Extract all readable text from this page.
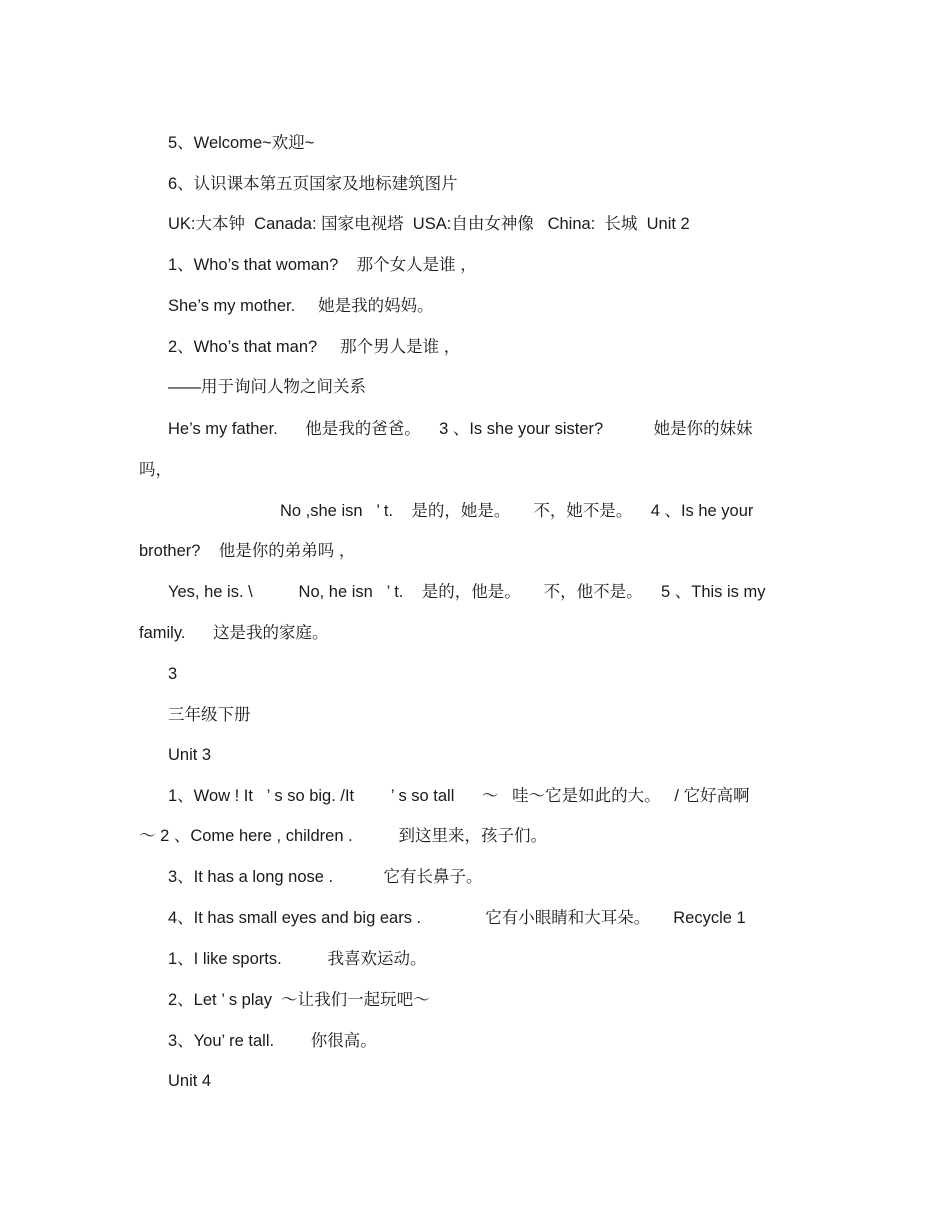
5、Welcome~欢迎~
6、认识课本第五页国家及地标建筑图片
UK:大本钟  Canada: 国家电视塔  USA:自由女神像   China:  长城  Unit 2
1、Who’s that woman?    那个女人是谁 ，
She’s my mother.     她是我的妈妈。
2、Who’s that man?     那个男人是谁 ，
——用于询问人物之间关系
He’s my father.      他是我的爸爸。    3 、Is she your sister?           她是你的妹妹
吗，
No ,she isn   ’ t.    是的，她是。     不，她不是。    4 、Is he your
brother?    他是你的弟弟吗 ，
Yes, he is. \          No, he isn   ’ t.    是的，他是。     不，他不是。    5 、This is my
family.      这是我的家庭。
3
三年级下册
Unit 3
1、Wow ! It   ’ s so big. /It        ’ s so tall      ～   哇～它是如此的大。   / 它好高啊
～ 2 、Come here , children .          到这里来，孩子们。
3、It has a long nose .           它有长鼻子。
4、It has small eyes and big ears .              它有小眼睛和大耳朵。     Recycle 1
1、I like sports.          我喜欢运动。
2、Let ’ s play  ～让我们一起玩吧～
3、You’ re tall.        你很高。
Unit 4
